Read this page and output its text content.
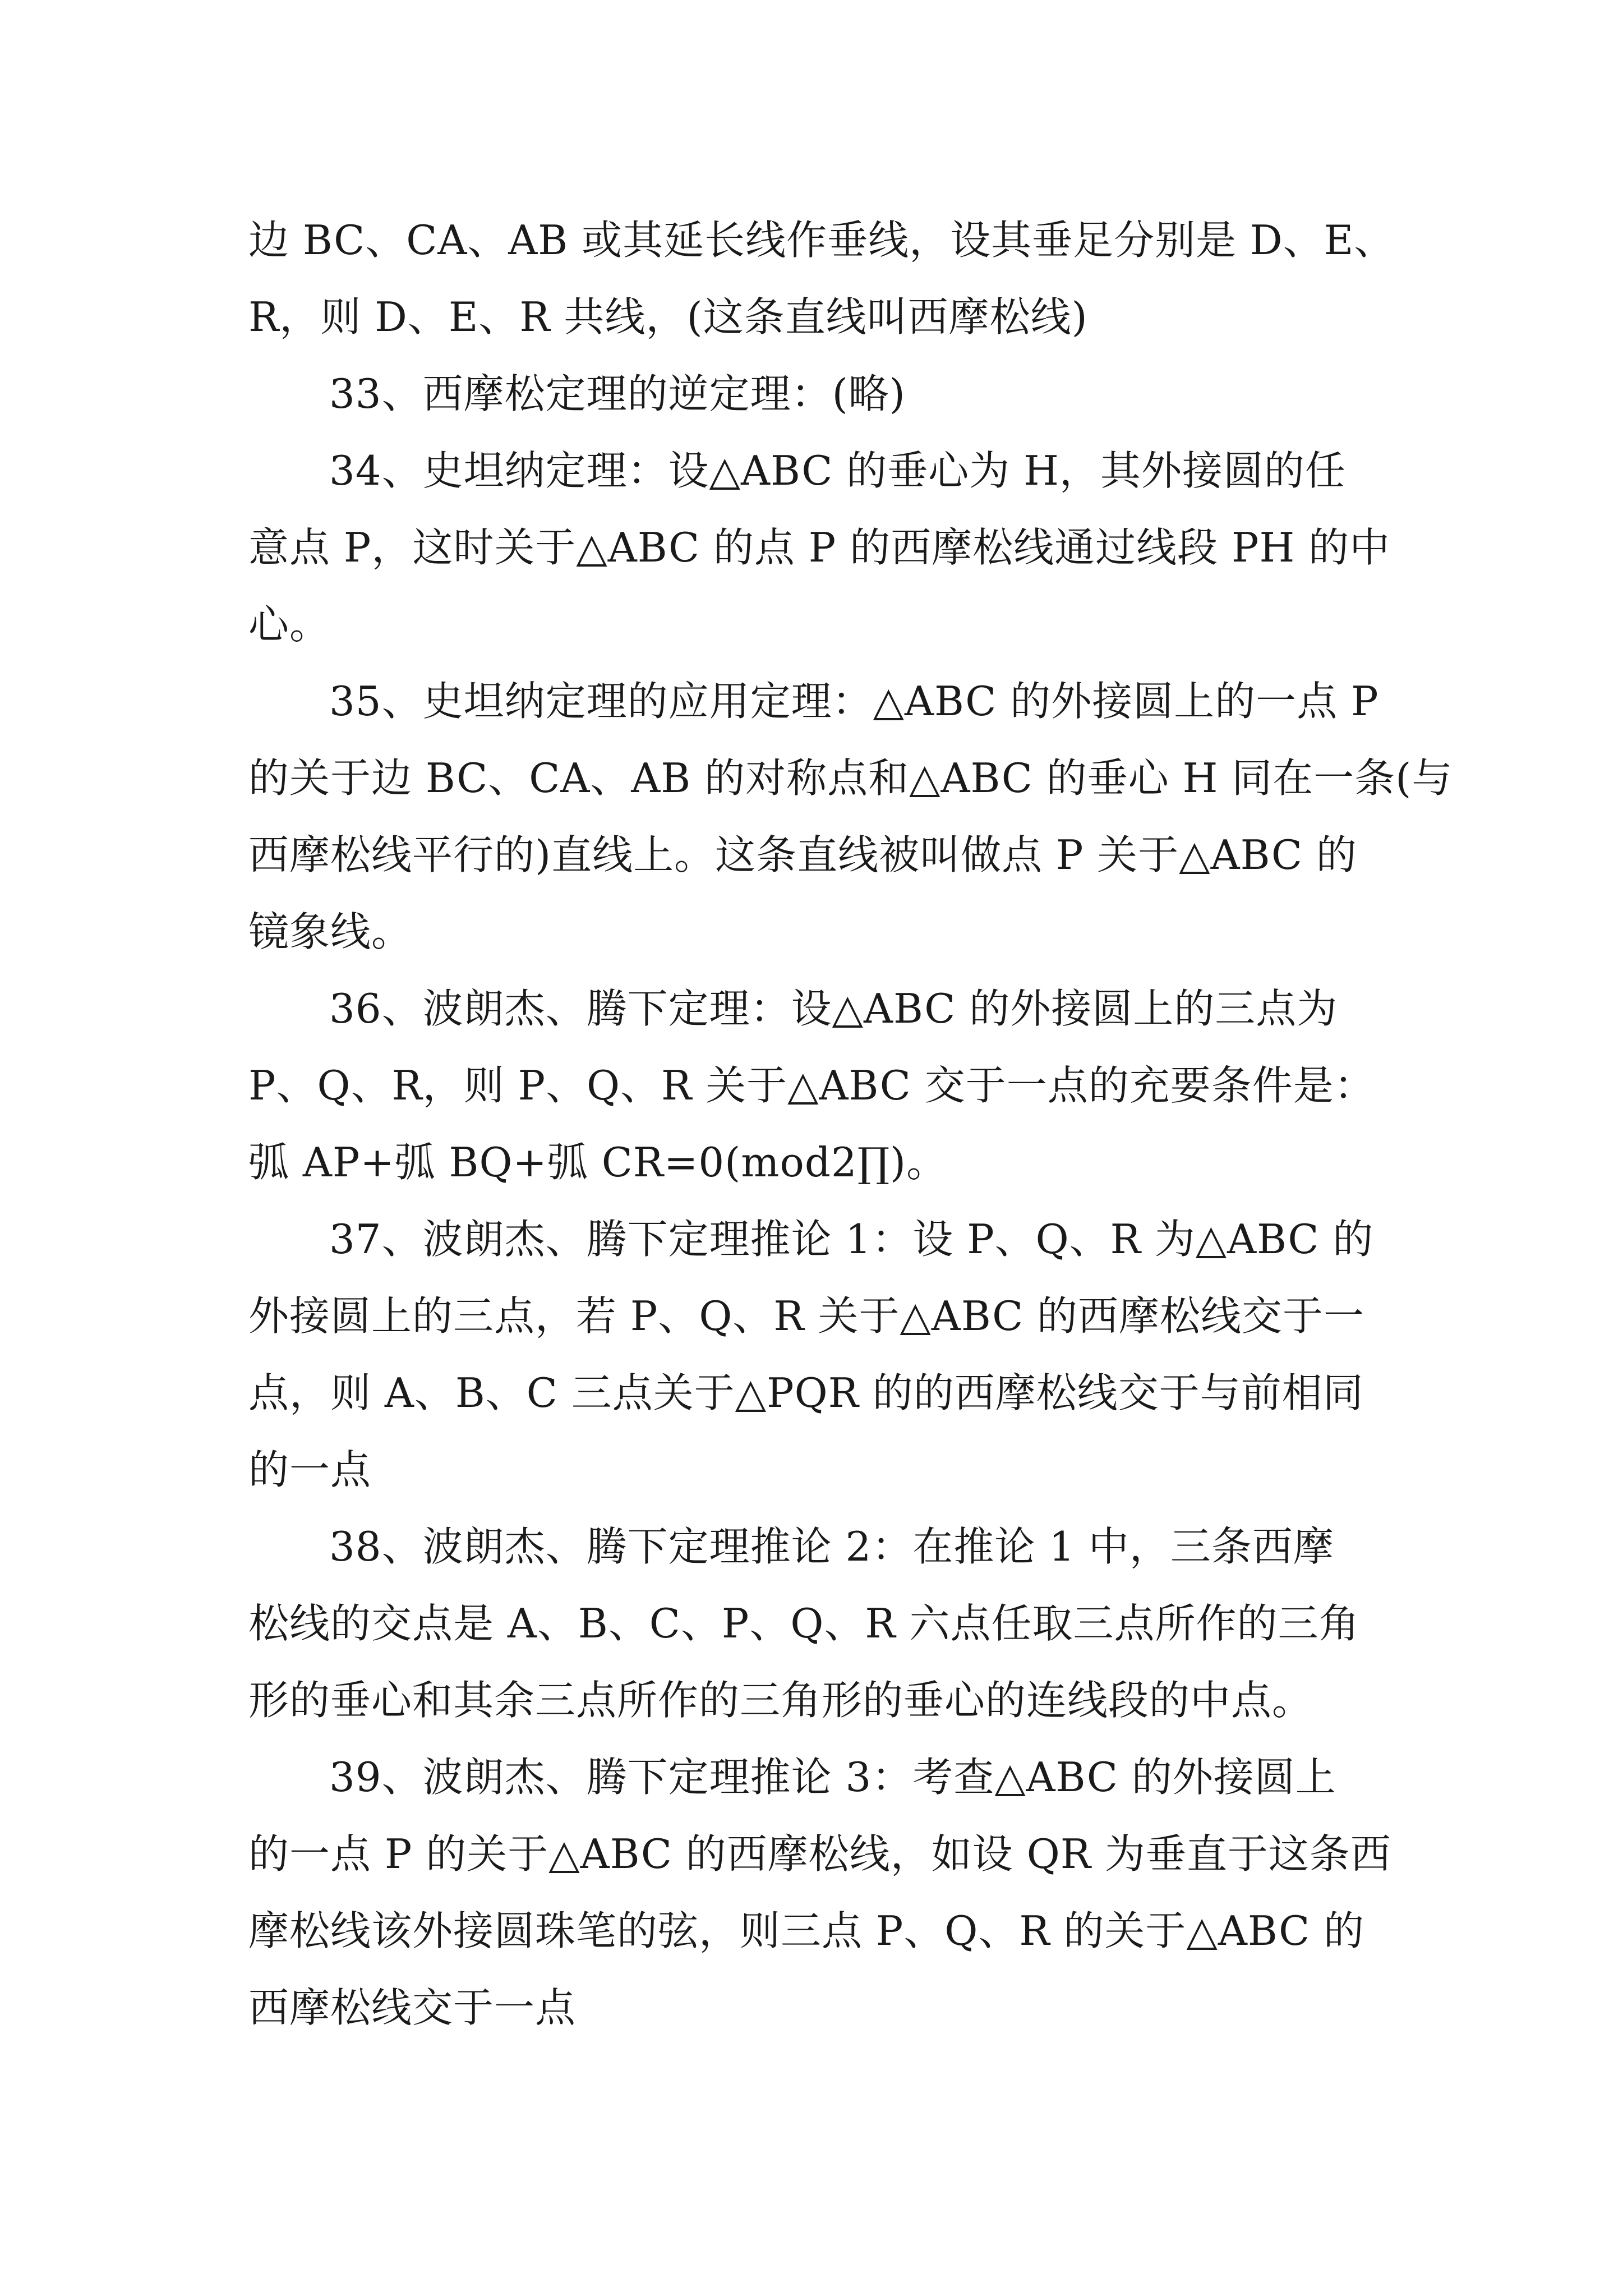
边 BC、CA、AB 或其延长线作垂线，设其垂足分别是 D、E、
R，则 D、E、R 共线，(这条直线叫西摩松线)
33、西摩松定理的逆定理：(略)
34、史坦纳定理：设△ABC 的垂心为 H，其外接圆的任
意点 P，这时关于△ABC 的点 P 的西摩松线通过线段 PH 的中
心。
35、史坦纳定理的应用定理：△ABC 的外接圆上的一点 P
的关于边 BC、CA、AB 的对称点和△ABC 的垂心 H 同在一条(与
西摩松线平行的)直线上。这条直线被叫做点 P 关于△ABC 的
镜象线。
36、波朗杰、腾下定理：设△ABC 的外接圆上的三点为
P、Q、R，则 P、Q、R 关于△ABC 交于一点的充要条件是：
弧 AP+弧 BQ+弧 CR=0(mod2∏)。
37、波朗杰、腾下定理推论 1：设 P、Q、R 为△ABC 的
外接圆上的三点，若 P、Q、R 关于△ABC 的西摩松线交于一
点，则 A、B、C 三点关于△PQR 的的西摩松线交于与前相同
的一点
38、波朗杰、腾下定理推论 2：在推论 1 中，三条西摩
松线的交点是 A、B、C、P、Q、R 六点任取三点所作的三角
形的垂心和其余三点所作的三角形的垂心的连线段的中点。
39、波朗杰、腾下定理推论 3：考查△ABC 的外接圆上
的一点 P 的关于△ABC 的西摩松线，如设 QR 为垂直于这条西
摩松线该外接圆珠笔的弦，则三点 P、Q、R 的关于△ABC 的
西摩松线交于一点
